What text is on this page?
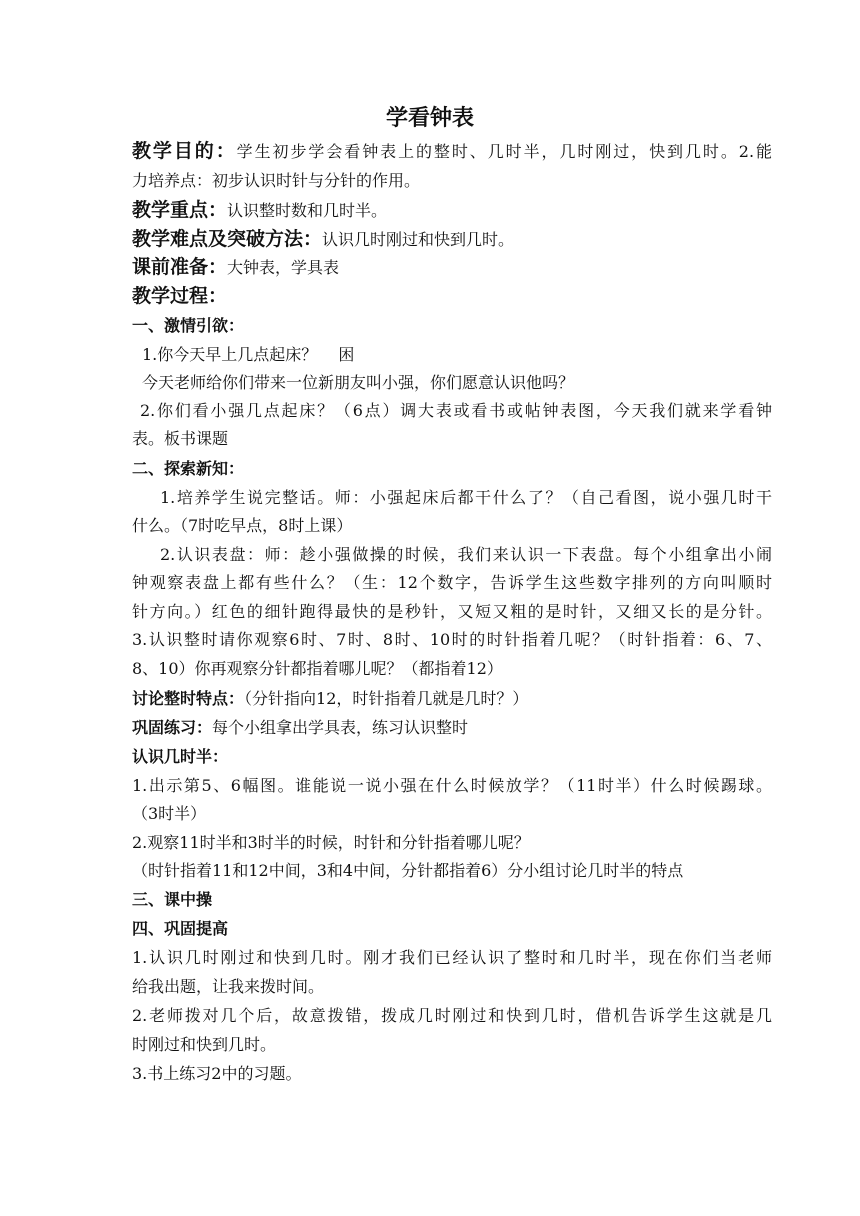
学看钟表
教学目的：学生初步学会看钟表上的整时、几时半，几时刚过，快到几时。2.能
力培养点：初步认识时针与分针的作用。
教学重点：认识整时数和几时半。
教学难点及突破方法：认识几时刚过和快到几时。
课前准备：大钟表，学具表
教学过程：
一、激情引欲：
1.你今天早上几点起床？　 困
今天老师给你们带来一位新朋友叫小强，你们愿意认识他吗？
2.你们看小强几点起床？（6点）调大表或看书或帖钟表图，今天我们就来学看钟
表。板书课题
二、探索新知：
1.培养学生说完整话。师：小强起床后都干什么了？（自己看图，说小强几时干
什么。（7时吃早点，8时上课）
2.认识表盘：师：趁小强做操的时候，我们来认识一下表盘。每个小组拿出小闹
钟观察表盘上都有些什么？（生：12个数字，告诉学生这些数字排列的方向叫顺时
针方向。）红色的细针跑得最快的是秒针，又短又粗的是时针，又细又长的是分针。
3.认识整时请你观察6时、7时、8时、10时的时针指着几呢？（时针指着：6、7、
8、10）你再观察分针都指着哪儿呢？（都指着12）
讨论整时特点：（分针指向12，时针指着几就是几时？）
巩固练习：每个小组拿出学具表，练习认识整时
认识几时半：
1.出示第5、6幅图。谁能说一说小强在什么时候放学？（11时半）什么时候踢球。
（3时半）
2.观察11时半和3时半的时候，时针和分针指着哪儿呢？
（时针指着11和12中间，3和4中间，分针都指着6）分小组讨论几时半的特点
三、课中操
四、巩固提高
1.认识几时刚过和快到几时。刚才我们已经认识了整时和几时半，现在你们当老师
给我出题，让我来拨时间。
2.老师拨对几个后，故意拨错，拨成几时刚过和快到几时，借机告诉学生这就是几
时刚过和快到几时。
3.书上练习2中的习题。
